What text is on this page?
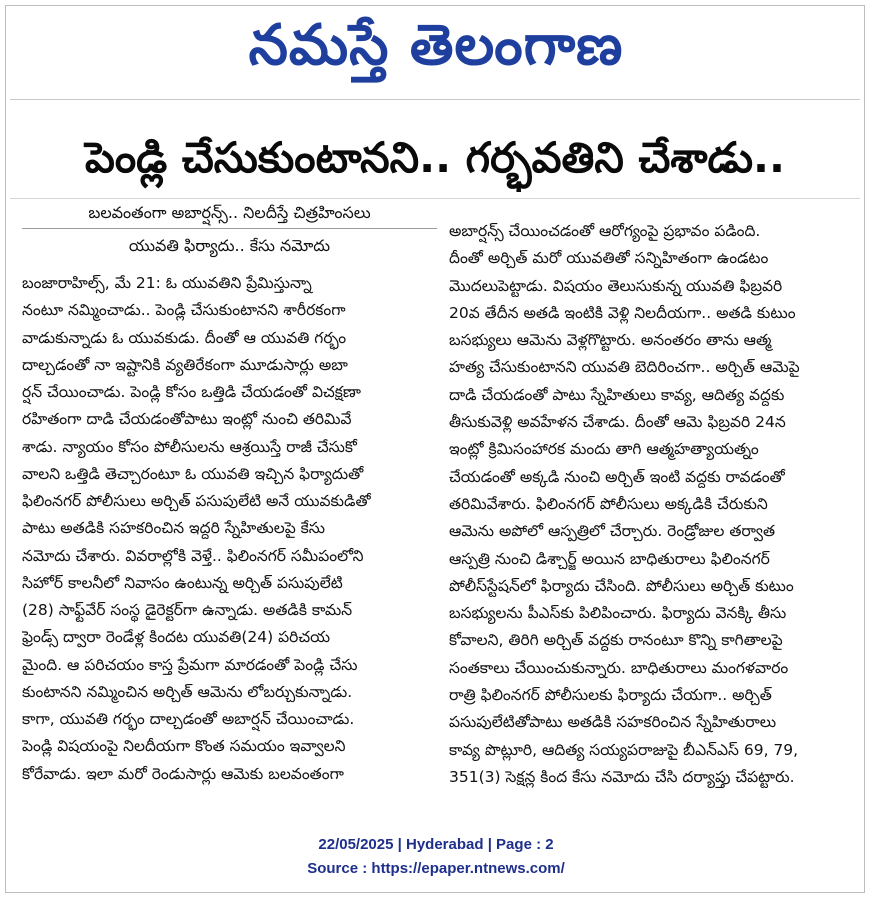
నమస్తే తెలంగాణ
పెండ్లి చేసుకుంటానని.. గర్భవతిని చేశాడు..
బలవంతంగా అబార్షన్స్‌.. నిలదీస్తే చిత్రహింసలు
యువతి ఫిర్యాదు.. కేసు నమోదు
బంజారాహిల్స్‌, మే 21: ఓ యువతిని ప్రేమిస్తున్నా
నంటూ నమ్మించాడు.. పెండ్లి చేసుకుంటానని శారీరకంగా
వాడుకున్నాడు ఓ యువకుడు. దీంతో ఆ యువతి గర్భం
దాల్చడంతో నా ఇష్టానికి వ్యతిరేకంగా మూడుసార్లు అబా
ర్షన్‌ చేయించాడు. పెండ్లి కోసం ఒత్తిడి చేయడంతో విచక్షణా
రహితంగా దాడి చేయడంతోపాటు ఇంట్లో నుంచి తరిమివే
శాడు. న్యాయం కోసం పోలీసులను ఆశ్రయిస్తే రాజీ చేసుకో
వాలని ఒత్తిడి తెచ్చారంటూ ఓ యువతి ఇచ్చిన ఫిర్యాదుతో
ఫిలింనగర్‌ పోలీసులు అర్చిత్‌ పసుపులేటి అనే యువకుడితో
పాటు అతడికి సహకరించిన ఇద్దరి స్నేహితులపై కేసు
నమోదు చేశారు. వివరాల్లోకి వెళ్తే.. ఫిలింనగర్‌ సమీపంలోని
సిహోర్‌ కాలనీలో నివాసం ఉంటున్న అర్చిత్‌ పసుపులేటి
(28) సాఫ్ట్‌వేర్‌ సంస్థ డైరెక్టర్‌గా ఉన్నాడు. అతడికి కామన్‌
ఫ్రెండ్స్‌ ద్వారా రెండేళ్ల కిందట యువతి(24) పరిచయ
మైంది. ఆ పరిచయం కాస్త ప్రేమగా మారడంతో పెండ్లి చేసు
కుంటానని నమ్మించిన అర్చిత్‌ ఆమెను లోబర్చుకున్నాడు.
కాగా, యువతి గర్భం దాల్చడంతో అబార్షన్‌ చేయించాడు.
పెండ్లి విషయంపై నిలదీయగా కొంత సమయం ఇవ్వాలని
కోరేవాడు. ఇలా మరో రెండుసార్లు ఆమెకు బలవంతంగా
అబార్షన్స్‌ చేయించడంతో ఆరోగ్యంపై ప్రభావం పడింది.
దీంతో అర్చిత్‌ మరో యువతితో సన్నిహితంగా ఉండటం
మొదలుపెట్టాడు. విషయం తెలుసుకున్న యువతి ఫిబ్రవరి
20వ తేదీన అతడి ఇంటికి వెళ్లి నిలదీయగా.. అతడి కుటుం
బసభ్యులు ఆమెను వెళ్లగొట్టారు. అనంతరం తాను ఆత్మ
హత్య చేసుకుంటానని యువతి బెదిరించగా.. అర్చిత్‌ ఆమెపై
దాడి చేయడంతో పాటు స్నేహితులు కావ్య, ఆదిత్య వద్దకు
తీసుకువెళ్లి అవహేళన చేశాడు. దీంతో ఆమె ఫిబ్రవరి 24న
ఇంట్లో క్రిమిసంహారక మందు తాగి ఆత్మహత్యాయత్నం
చేయడంతో అక్కడి నుంచి అర్చిత్‌ ఇంటి వద్దకు రావడంతో
తరిమివేశారు. ఫిలింనగర్‌ పోలీసులు అక్కడికి చేరుకుని
ఆమెను అపోలో ఆస్పత్రిలో చేర్చారు. రెండ్రోజుల తర్వాత
ఆస్పత్రి నుంచి డిశ్చార్జ్‌ అయిన బాధితురాలు ఫిలింనగర్‌
పోలీస్‌స్టేషన్‌లో ఫిర్యాదు చేసింది. పోలీసులు అర్చిత్‌ కుటుం
బసభ్యులను పీఎస్‌కు పిలిపించారు. ఫిర్యాదు వెనక్కి తీసు
కోవాలని, తిరిగి అర్చిత్‌ వద్దకు రానంటూ కొన్ని కాగితాలపై
సంతకాలు చేయించుకున్నారు. బాధితురాలు మంగళవారం
రాత్రి ఫిలింనగర్‌ పోలీసులకు ఫిర్యాదు చేయగా.. అర్చిత్‌
పసుపులేటితోపాటు అతడికి సహకరించిన స్నేహితురాలు
కావ్య పొట్లూరి, ఆదిత్య సయ్యపరాజుపై బీఎన్‌ఎస్‌ 69, 79,
351(3) సెక్షన్ల కింద కేసు నమోదు చేసి దర్యాప్తు చేపట్టారు.
22/05/2025 | Hyderabad | Page : 2
Source : https://epaper.ntnews.com/
